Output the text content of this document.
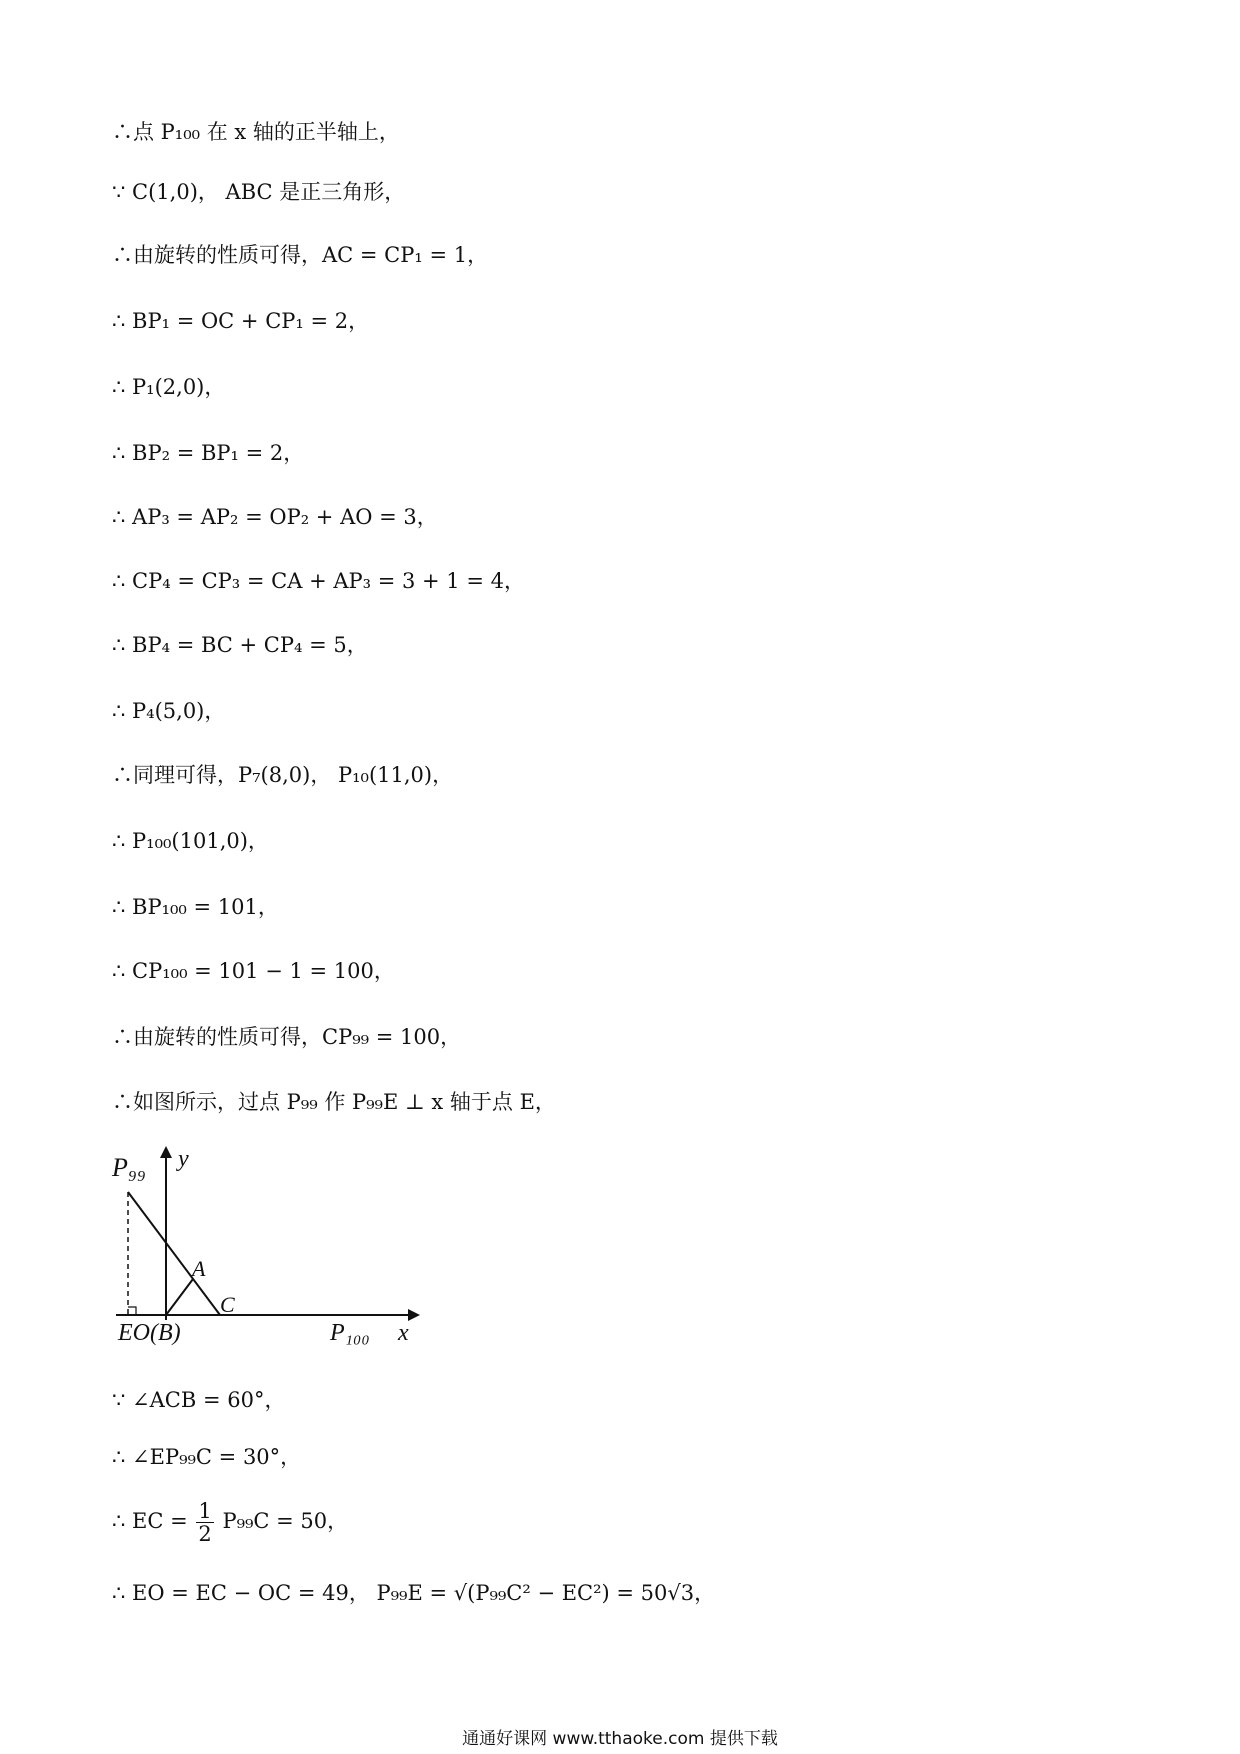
∴点 P₁₀₀ 在 x 轴的正半轴上，
∵ C(1,0)， ABC 是正三角形，
∴由旋转的性质可得，AC = CP₁ = 1，
∴ BP₁ = OC + CP₁ = 2，
∴ P₁(2,0)，
∴ BP₂ = BP₁ = 2，
∴ AP₃ = AP₂ = OP₂ + AO = 3，
∴ CP₄ = CP₃ = CA + AP₃ = 3 + 1 = 4，
∴ BP₄ = BC + CP₄ = 5，
∴ P₄(5,0)，
∴同理可得，P₇(8,0)， P₁₀(11,0)，
∴ P₁₀₀(101,0)，
∴ BP₁₀₀ = 101，
∴ CP₁₀₀ = 101 − 1 = 100，
∴由旋转的性质可得，CP₉₉ = 100，
∴如图所示，过点 P₉₉ 作 P₉₉E ⊥ x 轴于点 E，
P₉₉ y
A
C
EO(B)	P₁₀₀ x
∵ ∠ACB = 60°，
∴ ∠EP₉₉C = 30°，
∴ EC = $\frac{1}{2} P_{99}C = 50$，
∴ EO = EC − OC = 49， P₉₉E = √(P₉₉C² − EC²) = 50√3，
通通好课网 www.tthaoke.com 提供下载
